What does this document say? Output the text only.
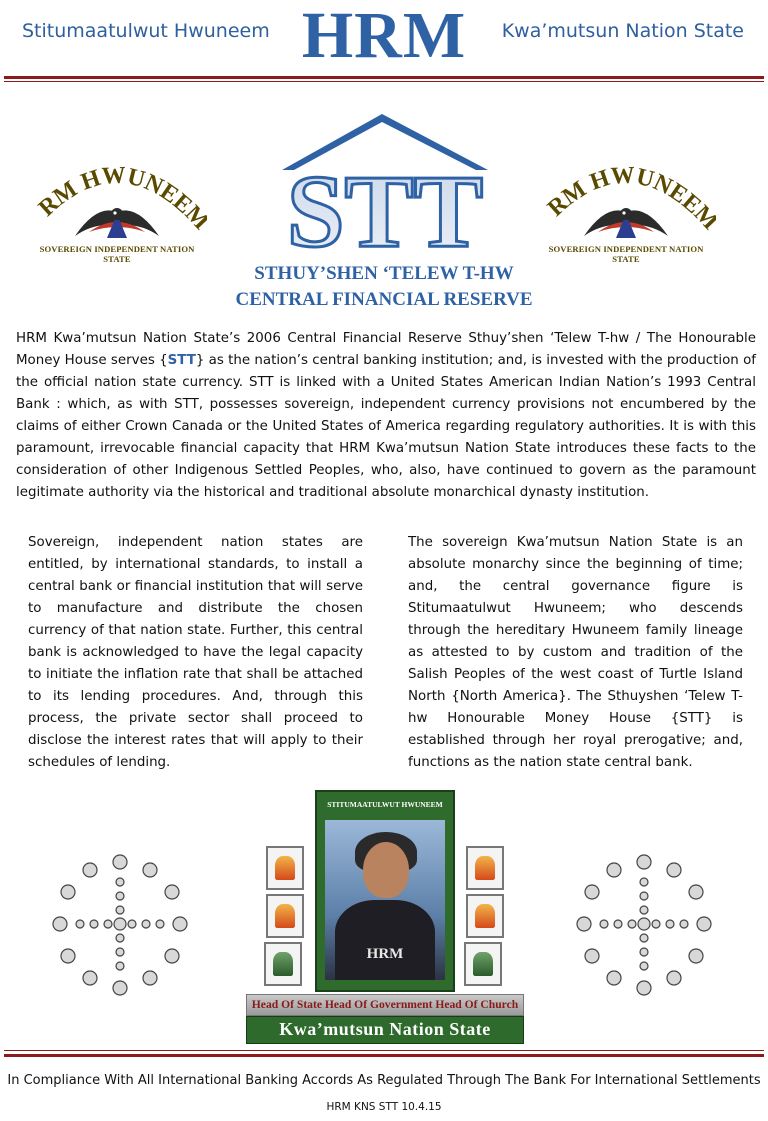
Stitumaatulwut Hwuneem HRM	Kwa’mutsun Nation State
RM HWUNEE
SOVEREIGN INDEPENDENT NATION STATE
RM HWUNEE
SOVEREIGN INDEPENDENT NATION STATE
STT
STHUY’SHEN ‘TELEW T-HW
CENTRAL FINANCIAL RESERVE
HRM Kwa’mutsun Nation State’s 2006 Central Financial Reserve Sthuy’shen ‘Telew T-hw / The Honourable Money House serves {STT} as the nation’s central banking institution; and, is invested with the production of the official nation state currency. STT is linked with a United States American Indian Nation’s 1993 Central Bank : which, as with STT, possesses sovereign, independent currency provisions not encumbered by the claims of either Crown Canada or the United States of America regarding regulatory authorities. It is with this paramount, irrevocable financial capacity that HRM Kwa’mutsun Nation State introduces these facts to the consideration of other Indigenous Settled Peoples, who, also, have continued to govern as the paramount legitimate authority via the historical and traditional absolute monarchical dynasty institution.
Sovereign, independent nation states are entitled, by international standards, to install a central bank or financial institution that will serve to manufacture and distribute the chosen currency of that nation state. Further, this central bank is acknowledged to have the legal capacity to initiate the inflation rate that shall be attached to its lending procedures. And, through this process, the private sector shall proceed to disclose the interest rates that will apply to their schedules of lending.
The sovereign Kwa’mutsun Nation State is an absolute monarchy since the beginning of time; and, the central governance figure is Stitumaatulwut Hwuneem; who descends through the hereditary Hwuneem family lineage as attested to by custom and tradition of the Salish Peoples of the west coast of Turtle Island North {North America}. The Sthuyshen ‘Telew T-hw Honourable Money House {STT} is established through her royal prerogative; and, functions as the nation state central bank.
STITUMAATULWUT HWUNEEM
HRM
Head Of State Head Of Government Head Of Church
Kwa’mutsun Nation State
In Compliance With All International Banking Accords As Regulated Through The Bank For International Settlements
HRM KNS STT 10.4.15
